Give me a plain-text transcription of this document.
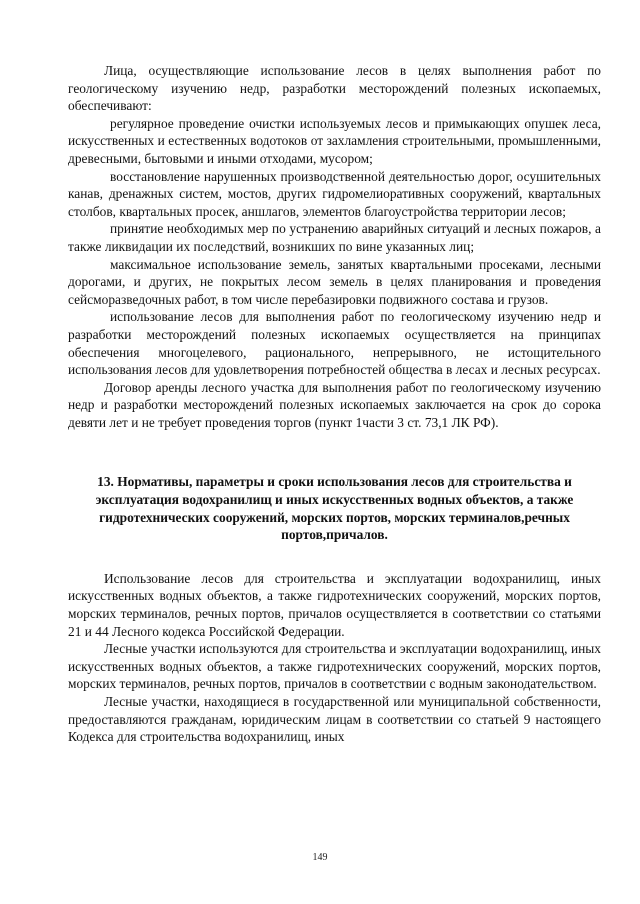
Лица, осуществляющие использование лесов в целях выполнения работ по геологическому изучению недр, разработки месторождений полезных ископаемых, обеспечивают:

регулярное проведение очистки используемых лесов и примыкающих опушек леса, искусственных и естественных водотоков от захламления строительными, промышленными, древесными, бытовыми и иными отходами, мусором;

восстановление нарушенных производственной деятельностью дорог, осушительных канав, дренажных систем, мостов, других гидромелиоративных сооружений, квартальных столбов, квартальных просек, аншлагов, элементов благоустройства территории лесов;

принятие необходимых мер по устранению аварийных ситуаций и лесных пожаров, а также ликвидации их последствий, возникших по вине указанных лиц;

максимальное использование земель, занятых квартальными просеками, лесными дорогами, и других, не покрытых лесом земель в целях планирования и проведения сейсморазведочных работ, в том числе перебазировки подвижного состава и грузов.

использование лесов для выполнения работ по геологическому изучению недр и разработки месторождений полезных ископаемых осуществляется на принципах обеспечения многоцелевого, рационального, непрерывного, не истощительного использования лесов для удовлетворения потребностей общества в лесах и лесных ресурсах.

Договор аренды лесного участка для выполнения работ по геологическому изучению недр и разработки месторождений полезных ископаемых заключается на срок до сорока девяти лет и не требует проведения торгов (пункт 1части 3 ст. 73,1 ЛК РФ).

13. Нормативы, параметры и сроки использования лесов для строительства и эксплуатация водохранилищ и иных искусственных водных объектов, а также гидротехнических сооружений, морских портов, морских терминалов,речных портов,причалов.

Использование лесов для строительства и эксплуатации водохранилищ, иных искусственных водных объектов, а также гидротехнических сооружений, морских портов, морских терминалов, речных портов, причалов осуществляется в соответствии со статьями 21 и 44 Лесного кодекса Российской Федерации.

Лесные участки используются для строительства и эксплуатации водохранилищ, иных искусственных водных объектов, а также гидротехнических сооружений, морских портов, морских терминалов, речных портов, причалов в соответствии с водным законодательством.

Лесные участки, находящиеся в государственной или муниципальной собственности, предоставляются гражданам, юридическим лицам в соответствии со статьей 9 настоящего Кодекса для строительства водохранилищ, иных

149
